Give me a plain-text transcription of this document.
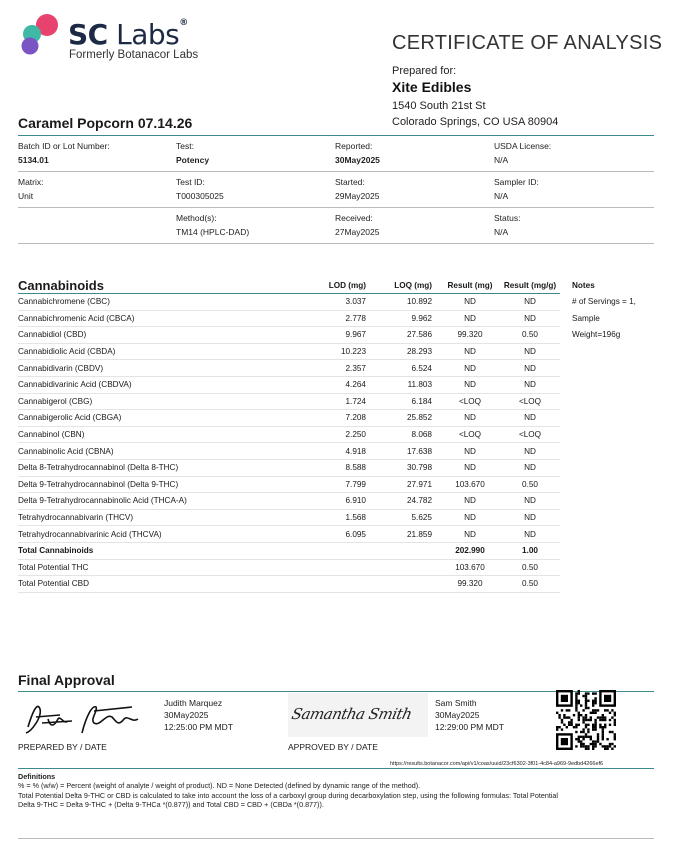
SC Labs®
Formerly Botanacor Labs
CERTIFICATE OF ANALYSIS
Prepared for:
Xite Edibles
1540 South 21st St
Colorado Springs, CO USA 80904
Caramel Popcorn 07.14.26
Batch ID or Lot Number:
5134.01
Test:
Potency
Reported:
30May2025
USDA License:
N/A
Matrix:
Unit
Test ID:
T000305025
Started:
29May2025
Sampler ID:
N/A
Method(s):
TM14 (HPLC-DAD)
Received:
27May2025
Status:
N/A
Cannabinoids	LOD (mg)	LOQ (mg)	Result (mg)	Result (mg/g)	Notes
Cannabichromene (CBC)	3.037	10.892	ND	ND	# of Servings = 1,
Cannabichromenic Acid (CBCA)	2.778	9.962	ND	ND	Sample
Cannabidiol (CBD)	9.967	27.586	99.320	0.50	Weight=196g
Cannabidiolic Acid (CBDA)	10.223	28.293	ND	ND	
Cannabidivarin (CBDV)	2.357	6.524	ND	ND	
Cannabidivarinic Acid (CBDVA)	4.264	11.803	ND	ND	
Cannabigerol (CBG)	1.724	6.184	<LOQ	<LOQ	
Cannabigerolic Acid (CBGA)	7.208	25.852	ND	ND	
Cannabinol (CBN)	2.250	8.068	<LOQ	<LOQ	
Cannabinolic Acid (CBNA)	4.918	17.638	ND	ND	
Delta 8-Tetrahydrocannabinol (Delta 8-THC)	8.588	30.798	ND	ND	
Delta 9-Tetrahydrocannabinol (Delta 9-THC)	7.799	27.971	103.670	0.50	
Delta 9-Tetrahydrocannabinolic Acid (THCA-A)	6.910	24.782	ND	ND	
Tetrahydrocannabivarin (THCV)	1.568	5.625	ND	ND	
Tetrahydrocannabivarinic Acid (THCVA)	6.095	21.859	ND	ND	
Total Cannabinoids			202.990	1.00	
Total Potential THC			103.670	0.50	
Total Potential CBD			99.320	0.50	
Final Approval
Judith Marquez
30May2025
12:25:00 PM MDT
PREPARED BY / DATE
Samantha Smith
Sam Smith
30May2025
12:29:00 PM MDT
APPROVED BY / DATE
https://results.botanacor.com/api/v1/coas/uuid/23cf6302-3f01-4c84-a969-9edbd4266ef6
Definitions
% = % (w/w) = Percent (weight of analyte / weight of product). ND = None Detected (defined by dynamic range of the method).
Total Potential Delta 9-THC or CBD is calculated to take into account the loss of a carboxyl group during decarboxylation step, using the following formulas: Total Potential
Delta 9-THC = Delta 9-THC + (Delta 9-THCa *(0.877)) and Total CBD = CBD + (CBDa *(0.877)).
